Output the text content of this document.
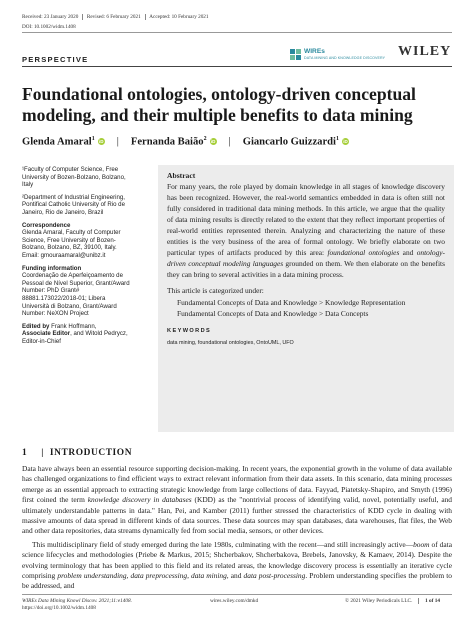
Received: 23 January 2020 Revised: 6 February 2021 Accepted: 10 February 2021
DOI: 10.1002/widm.1408
PERSPECTIVE
WIREs
DATA MINING AND KNOWLEDGE DISCOVERY WILEY
Foundational ontologies, ontology-driven conceptual modeling, and their multiple benefits to data mining
Glenda Amaral$^1$ iD | Fernanda Baião$^2$ iD | Giancarlo Guizzardi$^1$ iD
¹Faculty of Computer Science, Free University of Bozen-Bolzano, Bolzano, Italy
²Department of Industrial Engineering, Pontifical Catholic University of Rio de Janeiro, Rio de Janeiro, Brazil
Correspondence
Glenda Amaral, Faculty of Computer Science, Free University of Bozen-Bolzano, Bolzano, BZ, 39100, Italy. Email: gmouraamaral@unibz.it
Funding information
Coordenação de Aperfeiçoamento de Pessoal de Nível Superior, Grant/Award Number: PhD Grant# 88881.173022/2018-01; Libera Università di Bolzano, Grant/Award Number: NeXON Project
Edited by Frank Hoffmann,
Associate Editor, and Witold Pedrycz, Editor-in-Chief
Abstract
For many years, the role played by domain knowledge in all stages of knowledge discovery has been recognized. However, the real-world semantics embedded in data is often still not fully considered in traditional data mining methods. In this article, we argue that the quality of data mining results is directly related to the extent that they reflect important properties of real-world entities represented therein. Analyzing and characterizing the nature of these entities is the very business of the area of formal ontology. We briefly elaborate on two particular types of artifacts produced by this area: foundational ontologies and ontology-driven conceptual modeling languages grounded on them. We then elaborate on the benefits they can bring to several activities in a data mining process.
This article is categorized under:
Fundamental Concepts of Data and Knowledge > Knowledge Representation
Fundamental Concepts of Data and Knowledge > Data Concepts
KEYWORDS
data mining, foundational ontologies, OntoUML, UFO
1 | INTRODUCTION

Data have always been an essential resource supporting decision-making. In recent years, the exponential growth in the volume of data available has challenged organizations to find efficient ways to extract relevant information from their data assets. In this scenario, data mining processes emerge as an essential approach to extracting strategic knowledge from large collections of data. Fayyad, Piatetsky-Shapiro, and Smyth (1996) first coined the term knowledge discovery in databases (KDD) as the "nontrivial process of identifying valid, novel, potentially useful, and ultimately understandable patterns in data." Han, Pei, and Kamber (2011) further stressed the characteristics of KDD cycle in dealing with massive amounts of data spread in different kinds of data sources. These data sources may span databases, data warehouses, flat files, the Web and other data repositories, data streams dynamically fed from social media, sensors, or other devices.

This multidisciplinary field of study emerged during the late 1980s, culminating with the recent—and still increasingly active—boom of data science lifecycles and methodologies (Priebe & Markus, 2015; Shcherbakov, Shcherbakova, Brebels, Janovsky, & Kamaev, 2014). Despite the evolving terminology that has been applied to this field and its related areas, the knowledge discovery process is essentially an iterative cycle comprising problem understanding, data preprocessing, data mining, and data post-processing. Problem understanding specifies the problem to be addressed, and

WIREs Data Mining Knowl Discov. 2021;11:e1408.
https://doi.org/10.1002/widm.1408
wires.wiley.com/dmkd	© 2021 Wiley Periodicals LLC. 1 of 14
